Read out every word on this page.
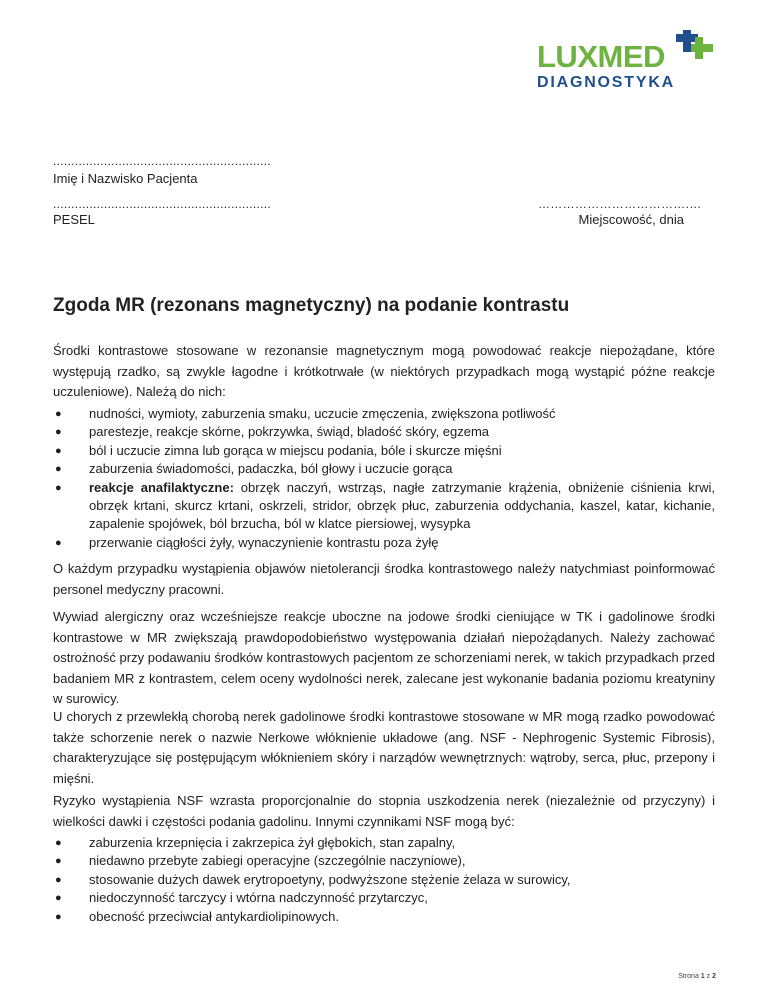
LUXMED
DIAGNOSTYKA
............................................................
Imię i Nazwisko Pacjenta
............................................................
PESEL
……………………………….…
Miejscowość, dnia
Zgoda MR (rezonans magnetyczny) na podanie kontrastu

Środki kontrastowe stosowane w rezonansie magnetycznym mogą powodować reakcje niepożądane, które występują rzadko, są zwykle łagodne i krótkotrwałe (w niektórych przypadkach mogą wystąpić późne reakcje uczuleniowe). Należą do nich:

● nudności, wymioty, zaburzenia smaku, uczucie zmęczenia, zwiększona potliwość
● parestezje, reakcje skórne, pokrzywka, świąd, bladość skóry, egzema
● ból i uczucie zimna lub gorąca w miejscu podania, bóle i skurcze mięśni
● zaburzenia świadomości, padaczka, ból głowy i uczucie gorąca
● reakcje anafilaktyczne: obrzęk naczyń, wstrząs, nagłe zatrzymanie krążenia, obniżenie ciśnienia krwi, obrzęk krtani, skurcz krtani, oskrzeli, stridor, obrzęk płuc, zaburzenia oddychania, kaszel, katar, kichanie, zapalenie spojówek, ból brzucha, ból w klatce piersiowej, wysypka
● przerwanie ciągłości żyły, wynaczynienie kontrastu poza żyłę

O każdym przypadku wystąpienia objawów nietolerancji środka kontrastowego należy natychmiast poinformować personel medyczny pracowni.

Wywiad alergiczny oraz wcześniejsze reakcje uboczne na jodowe środki cieniujące w TK i gadolinowe środki kontrastowe w MR zwiększają prawdopodobieństwo występowania działań niepożądanych. Należy zachować ostrożność przy podawaniu środków kontrastowych pacjentom ze schorzeniami nerek, w takich przypadkach przed badaniem MR z kontrastem, celem oceny wydolności nerek, zalecane jest wykonanie badania poziomu kreatyniny w surowicy.

U chorych z przewlekłą chorobą nerek gadolinowe środki kontrastowe stosowane w MR mogą rzadko powodować także schorzenie nerek o nazwie Nerkowe włóknienie układowe (ang. NSF - Nephrogenic Systemic Fibrosis), charakteryzujące się postępującym włóknieniem skóry i narządów wewnętrznych: wątroby, serca, płuc, przepony i mięśni.

Ryzyko wystąpienia NSF wzrasta proporcjonalnie do stopnia uszkodzenia nerek (niezależnie od przyczyny) i wielkości dawki i częstości podania gadolinu. Innymi czynnikami NSF mogą być:

● zaburzenia krzepnięcia i zakrzepica żył głębokich, stan zapalny,
● niedawno przebyte zabiegi operacyjne (szczególnie naczyniowe),
● stosowanie dużych dawek erytropoetyny, podwyższone stężenie żelaza w surowicy,
● niedoczynność tarczycy i wtórna nadczynność przytarczyc,
● obecność przeciwciał antykardiolipinowych.
Strona 1 z 2
